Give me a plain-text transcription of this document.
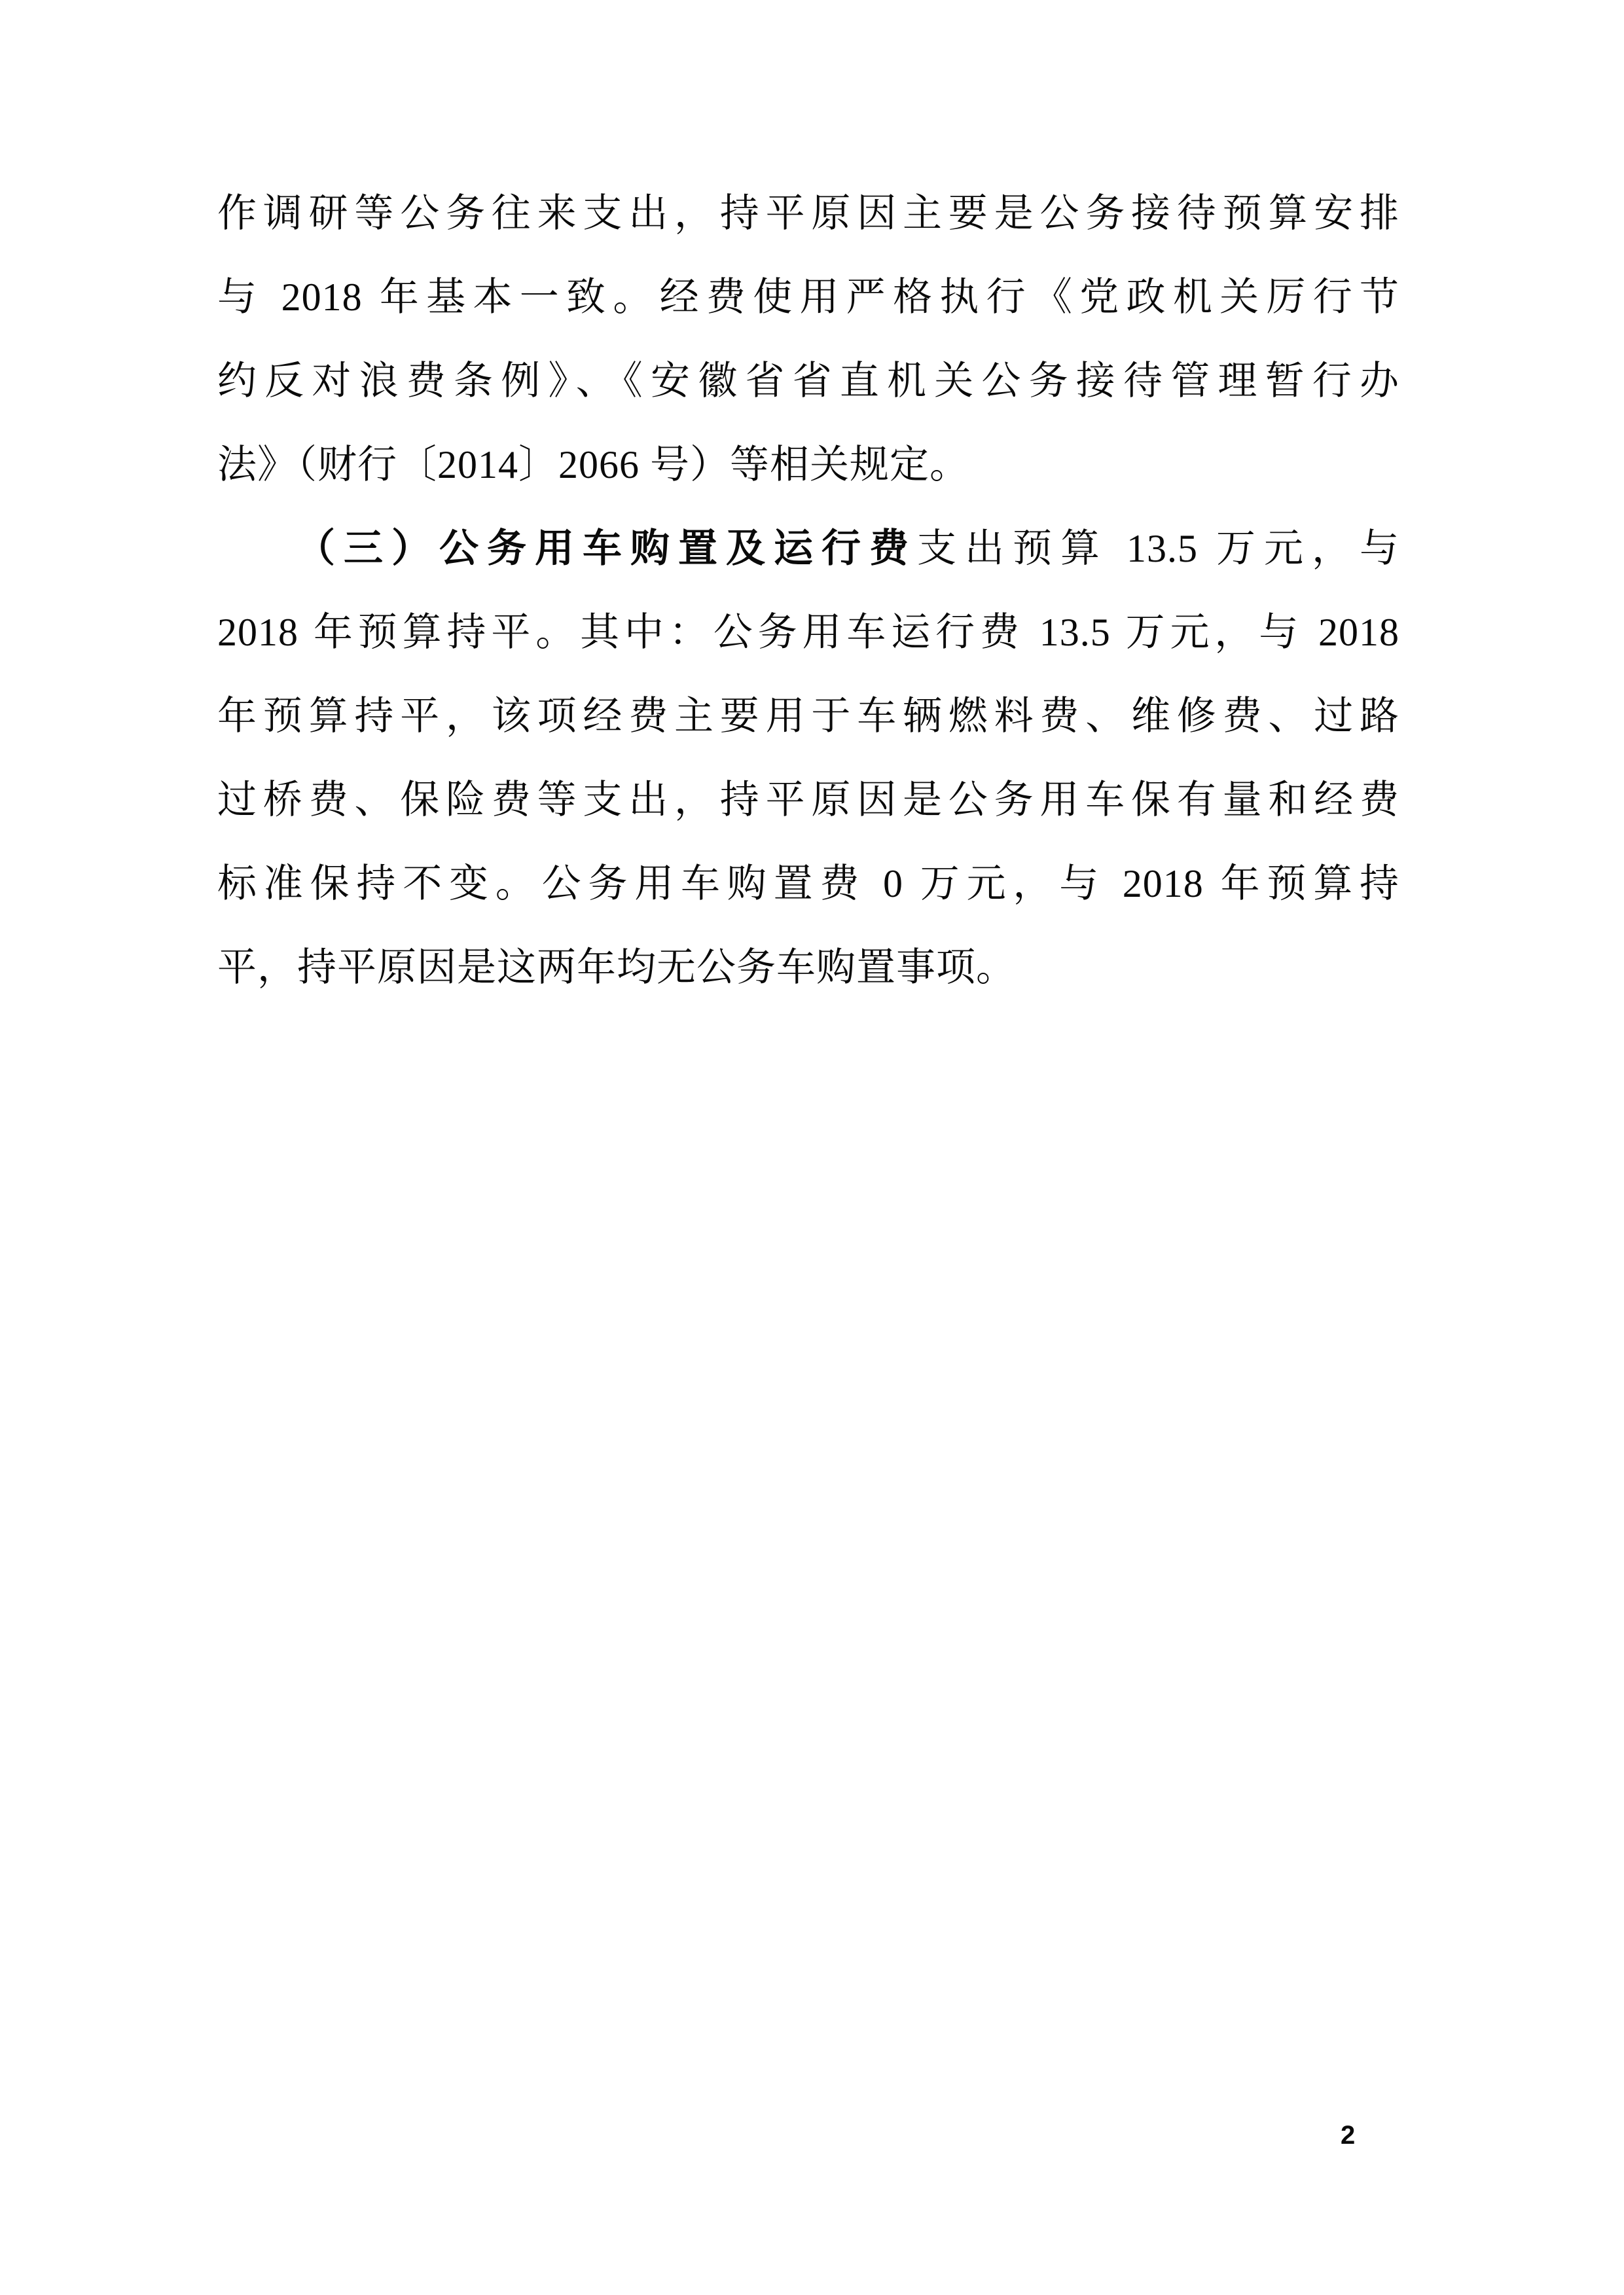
作调研等公务往来支出，持平原因主要是公务接待预算安排
与 2018 年基本一致。经费使用严格执行《党政机关厉行节
约反对浪费条例》、《安徽省省直机关公务接待管理暂行办
法》（财行〔2014〕2066 号）等相关规定。
（三）公务用车购置及运行费支出预算 13.5 万元，与
2018 年预算持平。其中：公务用车运行费 13.5 万元，与 2018
年预算持平，该项经费主要用于车辆燃料费、维修费、过路
过桥费、保险费等支出，持平原因是公务用车保有量和经费
标准保持不变。公务用车购置费 0 万元，与 2018 年预算持
平，持平原因是这两年均无公务车购置事项。
2
